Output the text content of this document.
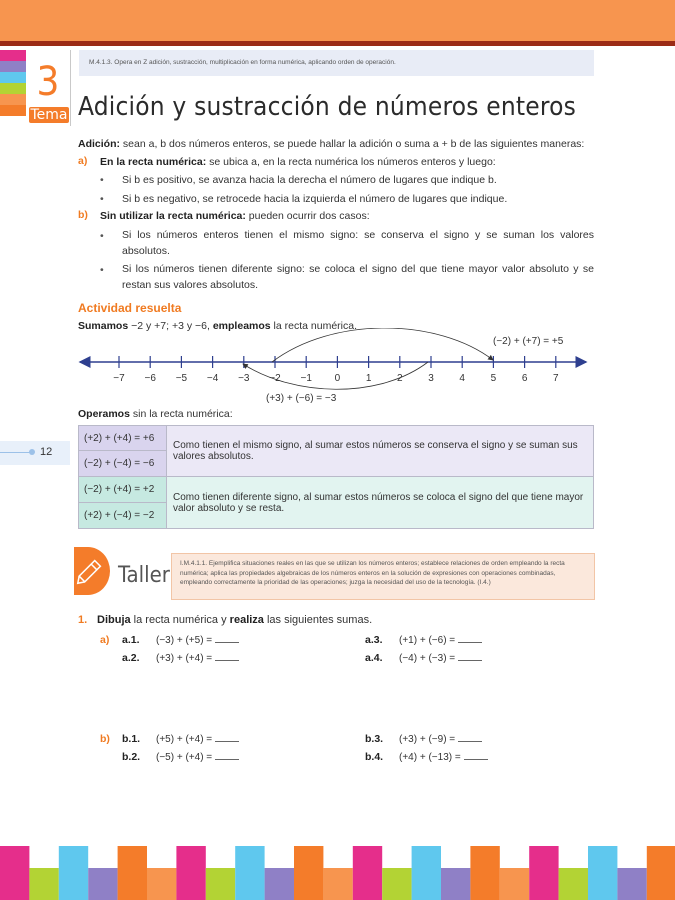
3
Tema
M.4.1.3. Opera en Z adición, sustracción, multiplicación en forma numérica, aplicando orden de operación.
Adición y sustracción de números enteros
Adición: sean a, b dos números enteros, se puede hallar la adición o suma a + b de las siguientes maneras:
a) En la recta numérica: se ubica a, en la recta numérica los números enteros y luego:
• Si b es positivo, se avanza hacia la derecha el número de lugares que indique b.
• Si b es negativo, se retrocede hacia la izquierda el número de lugares que indique.
b) Sin utilizar la recta numérica: pueden ocurrir dos casos:
• Si los números enteros tienen el mismo signo: se conserva el signo y se suman los valores absolutos.
• Si los números tienen diferente signo: se coloca el signo del que tiene mayor valor absoluto y se restan sus valores absolutos.
Actividad resuelta
Sumamos −2 y +7; +3 y −6, empleamos la recta numérica.
−7 −6 −5 −4 −3 −2 −1 0	1	2	3	4	5	6	7
(−2) + (+7) = +5
(+3) + (−6) = −3
Operamos sin la recta numérica:
12
(+2) + (+4) = +6	Como tienen el mismo signo, al sumar estos números se conserva el signo y se suman sus valores absolutos.
(−2) + (−4) = −6	
(−2) + (+4) = +2	Como tienen diferente signo, al sumar estos números se coloca el signo del que tiene mayor valor absoluto y se resta.
(+2) + (−4) = −2	
Taller	I.M.4.1.1. Ejemplifica situaciones reales en las que se utilizan los números enteros; establece relaciones de orden empleando la recta numérica; aplica las propiedades algebraicas de los números enteros en la solución de expresiones con operaciones combinadas, empleando correctamente la prioridad de las operaciones; juzga la necesidad del uso de la tecnología. (I.4.)
1. Dibuja la recta numérica y realiza las siguientes sumas.
a) a.1. (−3) + (+5) =
a.2. (+3) + (+4) =
a.3. (+1) + (−6) =
a.4. (−4) + (−3) =
b) b.1. (+5) + (+4) =
b.2. (−5) + (+4) =
b.3. (+3) + (−9) =
b.4. (+4) + (−13) =
